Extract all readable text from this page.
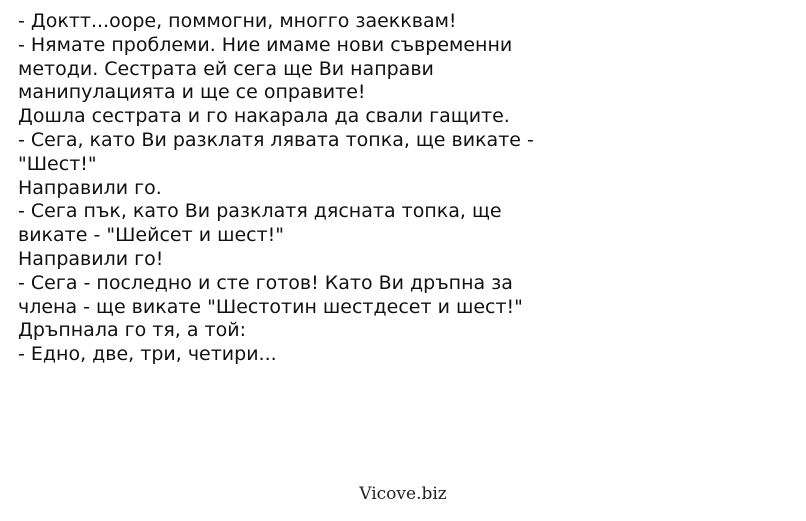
- Доктт...ооре, поммогни, многго заекквам!
- Нямате проблеми. Ние имаме нови съвременни
методи. Сестрата ей сега ще Ви направи
манипулацията и ще се оправите!
Дошла сестрата и го накарала да свали гащите.
- Сега, като Ви разклатя лявата топка, ще викате -
"Шест!"
Направили го.
- Сега пък, като Ви разклатя дясната топка, ще
викате - "Шейсет и шест!"
Направили го!
- Сега - последно и сте готов! Като Ви дръпна за
члена - ще викате "Шестотин шестдесет и шест!"
Дръпнала го тя, а той:
- Едно, две, три, четири...
Vicove.biz
